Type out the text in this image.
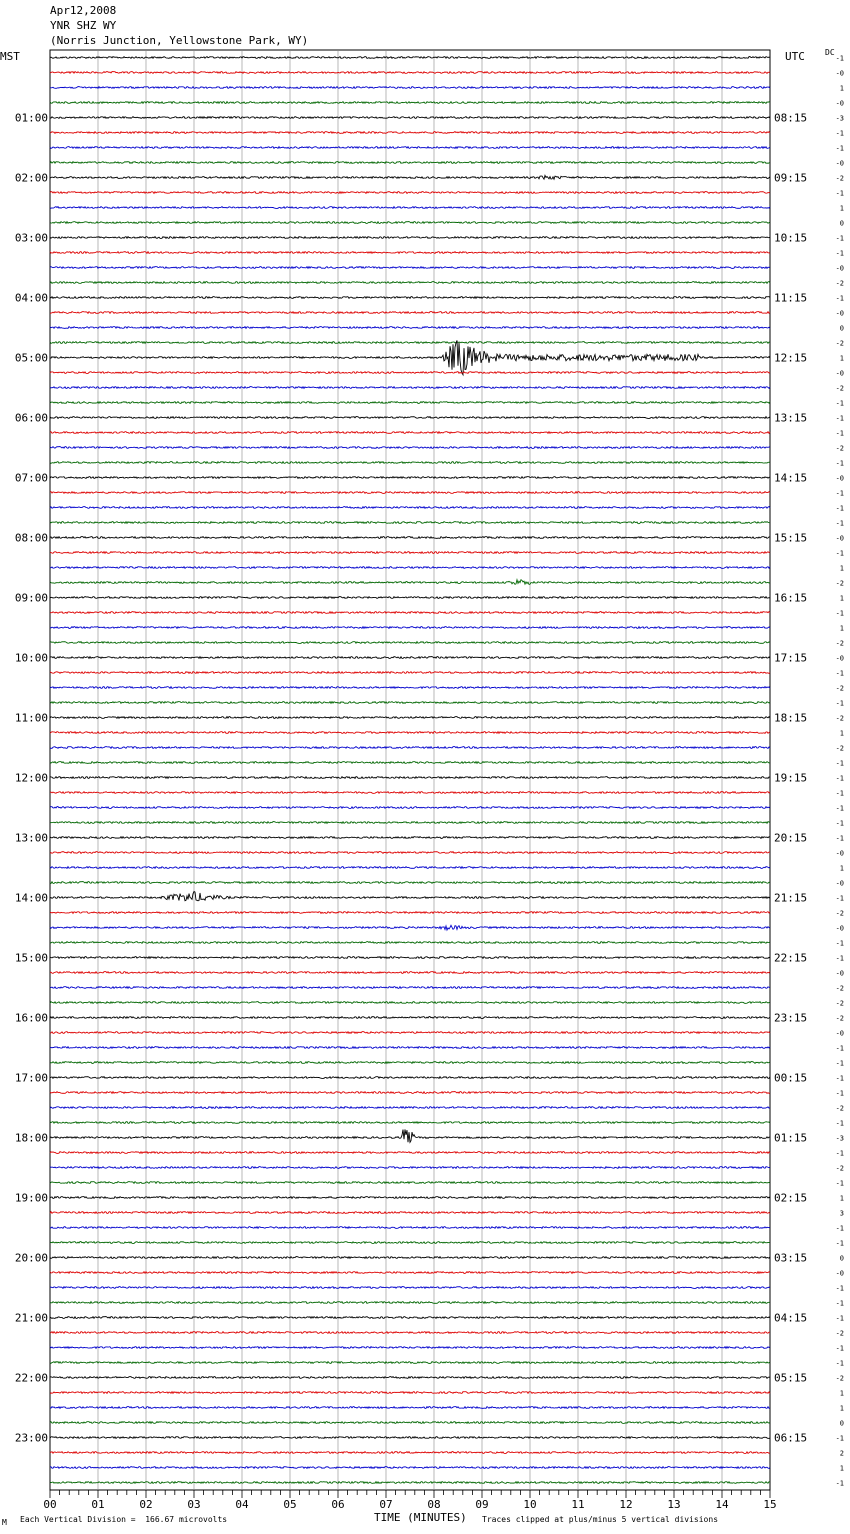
00	01	02	03	04	05	06	07	08	09	10	11	12	13	14	15
01:00
02:00
03:00
04:00
05:00
06:00
07:00
08:00
09:00
10:00
11:00
12:00
13:00
14:00
15:00
16:00
17:00
18:00
19:00
20:00
21:00
22:00
23:00
08:15
09:15
10:15
11:15
12:15
13:15
14:15
15:15
16:15
17:15
18:15
19:15
20:15
21:15
22:15
23:15
00:15
01:15
02:15
03:15
04:15
05:15
06:15
-1
-0
1
-0
-3
-1
-1
-0
-2
-1
1
0
-1
-1
-0
-2
-1
-0
0
-2
1
-0
-2
-1
-1
-1
-2
-1
-0
-1
-1
-1
-0
-1
1
-2
1
-1
1
-2
-0
-1
-2
-1
-2
1
-2
-1
-1
-1
-1
-1
-1
-0
1
-0
-1
-2
-0
-1
-1
-0
-2
-2
-2
-0
-1
-1
-1
-1
-2
-1
-3
-1
-2
-1
1
3
-1
-1
0
-0
-1
-1
-1
-2
-1
-1
-2
1
1
0
-1
2
1
-1
Apr12,2008
YNR SHZ WY
(Norris Junction, Yellowstone Park, WY)
MST	UTC	DC
M Each Vertical Division =  166.67 microvolts	TIME (MINUTES) Traces clipped at plus/minus 5 vertical divisions
